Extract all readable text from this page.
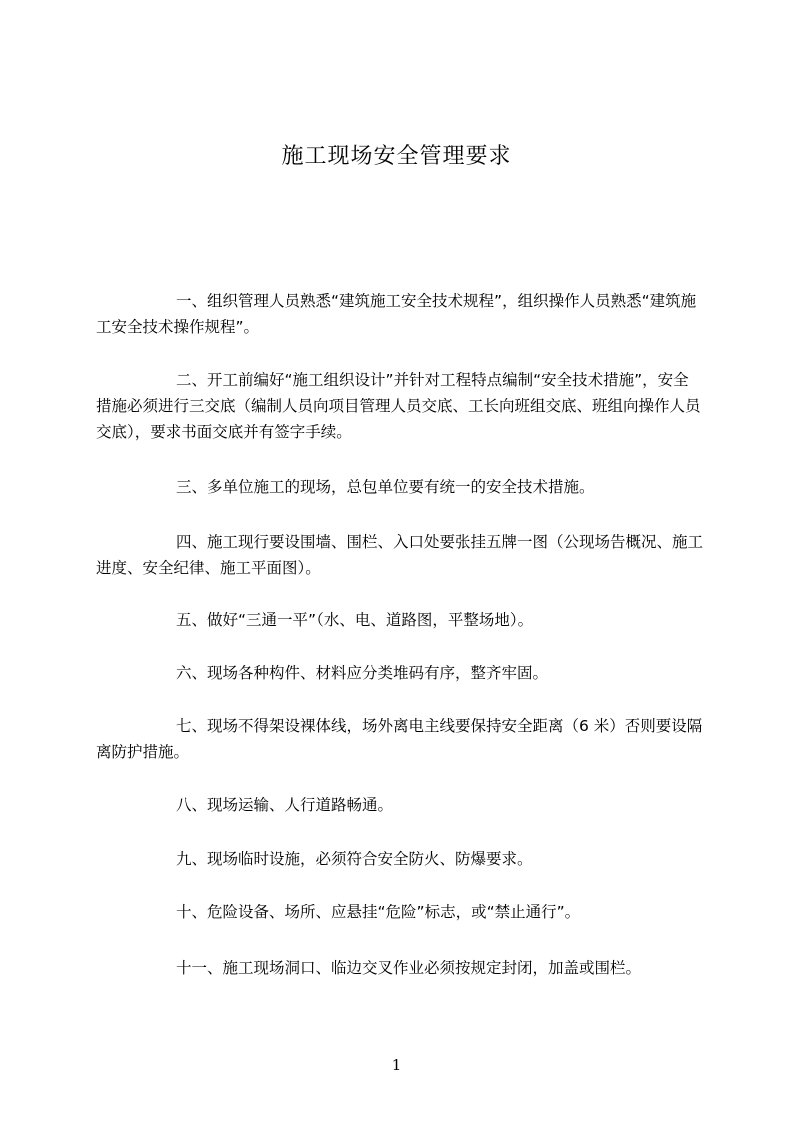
施工现场安全管理要求
一、组织管理人员熟悉“建筑施工安全技术规程”，组织操作人员熟悉“建筑施工安全技术操作规程”。
二、开工前编好“施工组织设计”并针对工程特点编制“安全技术措施”，安全措施必须进行三交底（编制人员向项目管理人员交底、工长向班组交底、班组向操作人员交底），要求书面交底并有签字手续。
三、多单位施工的现场，总包单位要有统一的安全技术措施。
四、施工现行要设围墙、围栏、入口处要张挂五牌一图（公现场告概况、施工进度、安全纪律、施工平面图）。
五、做好“三通一平”（水、电、道路图，平整场地）。
六、现场各种构件、材料应分类堆码有序，整齐牢固。
七、现场不得架设裸体线，场外离电主线要保持安全距离（6 米）否则要设隔离防护措施。
八、现场运输、人行道路畅通。
九、现场临时设施，必须符合安全防火、防爆要求。
十、危险设备、场所、应悬挂“危险”标志，或“禁止通行”。
十一、施工现场洞口、临边交叉作业必须按规定封闭，加盖或围栏。
1
